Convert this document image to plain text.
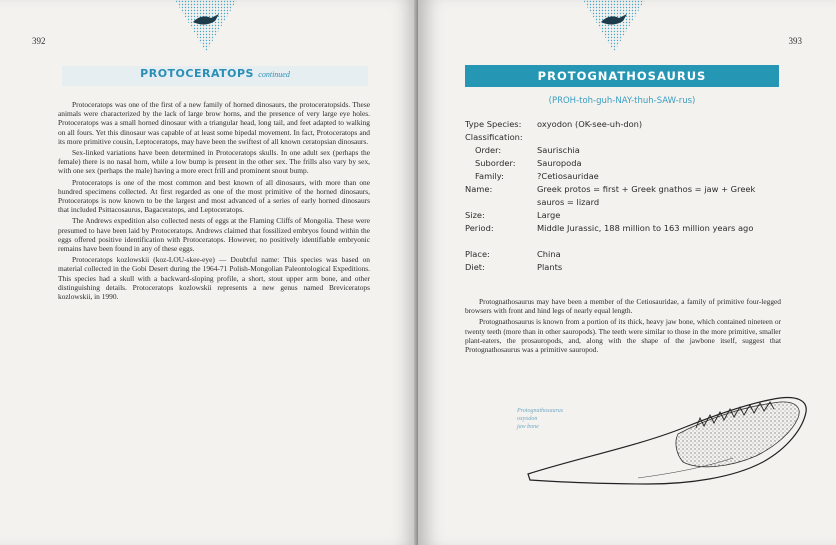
392
PROTOCERATOPS continued

Protoceratops was one of the first of a new family of horned dinosaurs, the protoceratopsids. These animals were characterized by the lack of large brow horns, and the presence of very large eye holes. Protoceratops was a small horned dinosaur with a triangular head, long tail, and feet adapted to walking on all fours. Yet this dinosaur was capable of at least some bipedal movement. In fact, Protoceratops and its more primitive cousin, Leptoceratops, may have been the swiftest of all known ceratopsian dinosaurs.

Sex-linked variations have been determined in Protoceratops skulls. In one adult sex (perhaps the female) there is no nasal horn, while a low bump is present in the other sex. The frills also vary by sex, with one sex (perhaps the male) having a more erect frill and prominent snout bump.

Protoceratops is one of the most common and best known of all dinosaurs, with more than one hundred specimens collected. At first regarded as one of the most primitive of the horned dinosaurs, Protoceratops is now known to be the largest and most advanced of a series of early horned dinosaurs that included Psittacosaurus, Bagaceratops, and Leptoceratops.

The Andrews expedition also collected nests of eggs at the Flaming Cliffs of Mongolia. These were presumed to have been laid by Protoceratops. Andrews claimed that fossilized embryos found within the eggs offered positive identification with Protoceratops. However, no positively identifiable embryonic remains have been found in any of these eggs.

Protoceratops kozlowskii (koz-LOU-skee-eye) — Doubtful name: This species was based on material collected in the Gobi Desert during the 1964-71 Polish-Mongolian Paleontological Expeditions. This species had a skull with a backward-sloping profile, a short, stout upper arm bone, and other distinguishing details. Protoceratops kozlowskii represents a new genus named Breviceratops kozlowskii, in 1990.

393
PROTOGNATHOSAURUS
(PROH-toh-guh-NAY-thuh-SAW-rus)
Type Species: oxyodon (OK-see-uh-don)
Classification:
Order:	Saurischia
Suborder:	Sauropoda
Family:	?Cetiosauridae
Name:	Greek protos = first + Greek gnathos = jaw + Greek sauros = lizard
Size:	Large
Period:	Middle Jurassic, 188 million to 163 million years ago
Place:	China
Diet:	Plants

Protognathosaurus may have been a member of the Cetiosauridae, a family of primitive four-legged browsers with front and hind legs of nearly equal length.

Protognathosaurus is known from a portion of its thick, heavy jaw bone, which contained nineteen or twenty teeth (more than in other sauropods). The teeth were similar to those in the more primitive, smaller plant-eaters, the prosauropods, and, along with the shape of the jawbone itself, suggest that Protognathosaurus was a primitive sauropod.

Protognathosaurus
oxyodon
jaw bone
